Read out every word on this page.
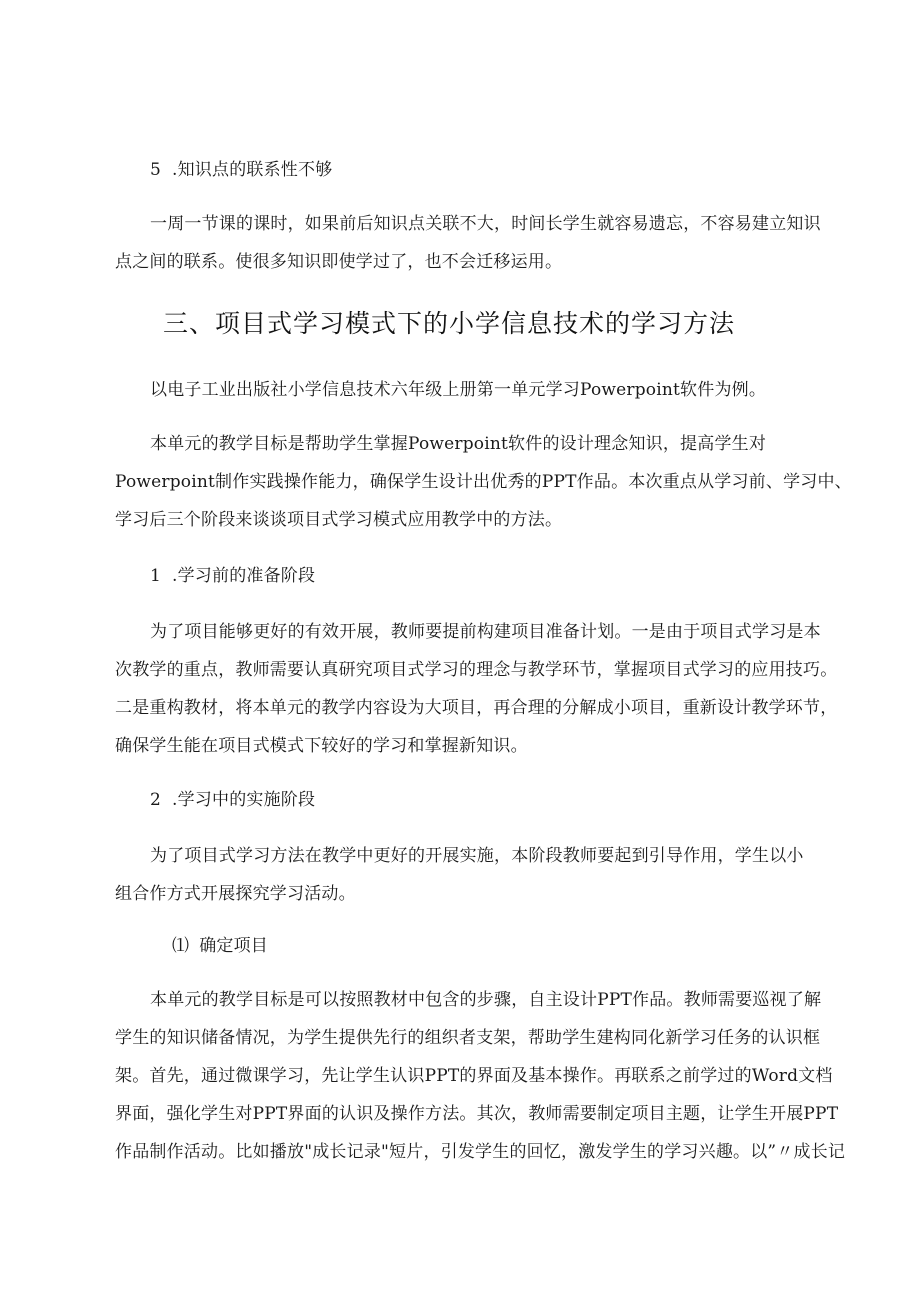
5 .知识点的联系性不够
一周一节课的课时，如果前后知识点关联不大，时间长学生就容易遗忘，不容易建立知识
点之间的联系。使很多知识即使学过了，也不会迁移运用。
三、项目式学习模式下的小学信息技术的学习方法
以电子工业出版社小学信息技术六年级上册第一单元学习Powerpoint软件为例。
本单元的教学目标是帮助学生掌握Powerpoint软件的设计理念知识，提高学生对
Powerpoint制作实践操作能力，确保学生设计出优秀的PPT作品。本次重点从学习前、学习中、
学习后三个阶段来谈谈项目式学习模式应用教学中的方法。
1 .学习前的准备阶段
为了项目能够更好的有效开展，教师要提前构建项目准备计划。一是由于项目式学习是本
次教学的重点，教师需要认真研究项目式学习的理念与教学环节，掌握项目式学习的应用技巧。
二是重构教材，将本单元的教学内容设为大项目，再合理的分解成小项目，重新设计教学环节，
确保学生能在项目式模式下较好的学习和掌握新知识。
2 .学习中的实施阶段
为了项目式学习方法在教学中更好的开展实施，本阶段教师要起到引导作用，学生以小
组合作方式开展探究学习活动。
⑴ 确定项目
本单元的教学目标是可以按照教材中包含的步骤，自主设计PPT作品。教师需要巡视了解
学生的知识储备情况，为学生提供先行的组织者支架，帮助学生建构同化新学习任务的认识框
架。首先，通过微课学习，先让学生认识PPT的界面及基本操作。再联系之前学过的Word文档
界面，强化学生对PPT界面的认识及操作方法。其次，教师需要制定项目主题，让学生开展PPT
作品制作活动。比如播放"成长记录"短片，引发学生的回忆，激发学生的学习兴趣。以”〃成长记
